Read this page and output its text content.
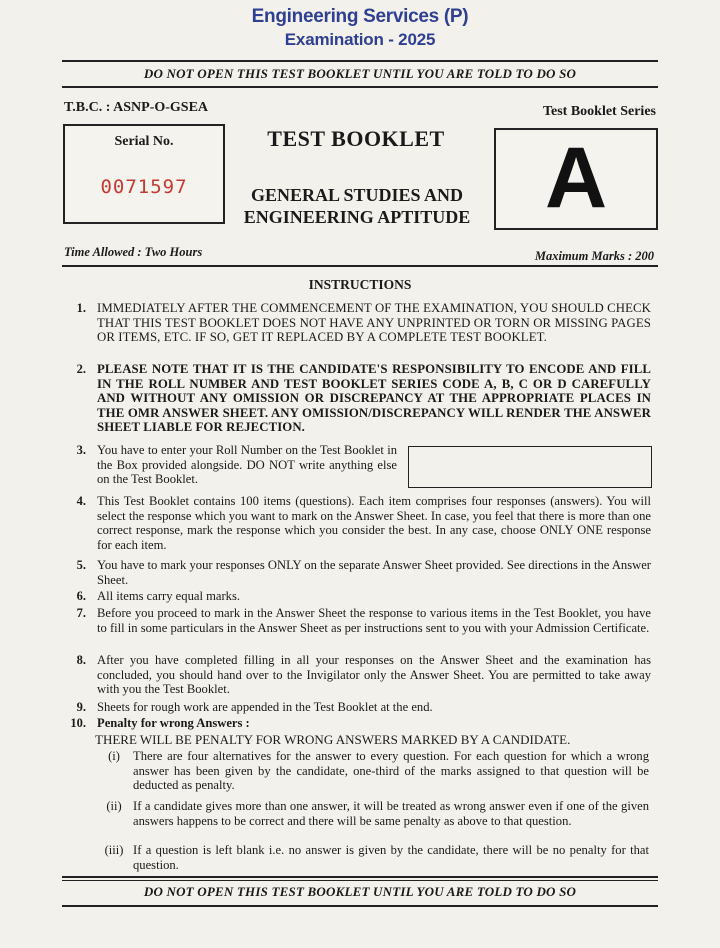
Engineering Services (P)
Examination - 2025
DO NOT OPEN THIS TEST BOOKLET UNTIL YOU ARE TOLD TO DO SO
T.B.C. : ASNP-O-GSEA	Test Booklet Series
Serial No.
0071597
TEST BOOKLET
GENERAL STUDIES AND
ENGINEERING APTITUDE A
Time Allowed : Two Hours	Maximum Marks : 200
INSTRUCTIONS
1. IMMEDIATELY AFTER THE COMMENCEMENT OF THE EXAMINATION, YOU SHOULD CHECK THAT THIS TEST BOOKLET DOES NOT HAVE ANY UNPRINTED OR TORN OR MISSING PAGES OR ITEMS, ETC. IF SO, GET IT REPLACED BY A COMPLETE TEST BOOKLET.
2. PLEASE NOTE THAT IT IS THE CANDIDATE'S RESPONSIBILITY TO ENCODE AND FILL IN THE ROLL NUMBER AND TEST BOOKLET SERIES CODE A, B, C OR D CAREFULLY AND WITHOUT ANY OMISSION OR DISCREPANCY AT THE APPROPRIATE PLACES IN THE OMR ANSWER SHEET. ANY OMISSION/DISCREPANCY WILL RENDER THE ANSWER SHEET LIABLE FOR REJECTION.
3. You have to enter your Roll Number on the Test Booklet in the Box provided alongside. DO NOT write anything else on the Test Booklet.
4. This Test Booklet contains 100 items (questions). Each item comprises four responses (answers). You will select the response which you want to mark on the Answer Sheet. In case, you feel that there is more than one correct response, mark the response which you consider the best. In any case, choose ONLY ONE response for each item.
5. You have to mark your responses ONLY on the separate Answer Sheet provided. See directions in the Answer Sheet.
6. All items carry equal marks.
7. Before you proceed to mark in the Answer Sheet the response to various items in the Test Booklet, you have to fill in some particulars in the Answer Sheet as per instructions sent to you with your Admission Certificate.
8. After you have completed filling in all your responses on the Answer Sheet and the examination has concluded, you should hand over to the Invigilator only the Answer Sheet. You are permitted to take away with you the Test Booklet.
9. Sheets for rough work are appended in the Test Booklet at the end.
10. Penalty for wrong Answers :
THERE WILL BE PENALTY FOR WRONG ANSWERS MARKED BY A CANDIDATE.
(i)	There are four alternatives for the answer to every question. For each question for which a wrong answer has been given by the candidate, one-third of the marks assigned to that question will be deducted as penalty.
(ii) If a candidate gives more than one answer, it will be treated as wrong answer even if one of the given answers happens to be correct and there will be same penalty as above to that question.
(iii) If a question is left blank i.e. no answer is given by the candidate, there will be no penalty for that question.
DO NOT OPEN THIS TEST BOOKLET UNTIL YOU ARE TOLD TO DO SO
